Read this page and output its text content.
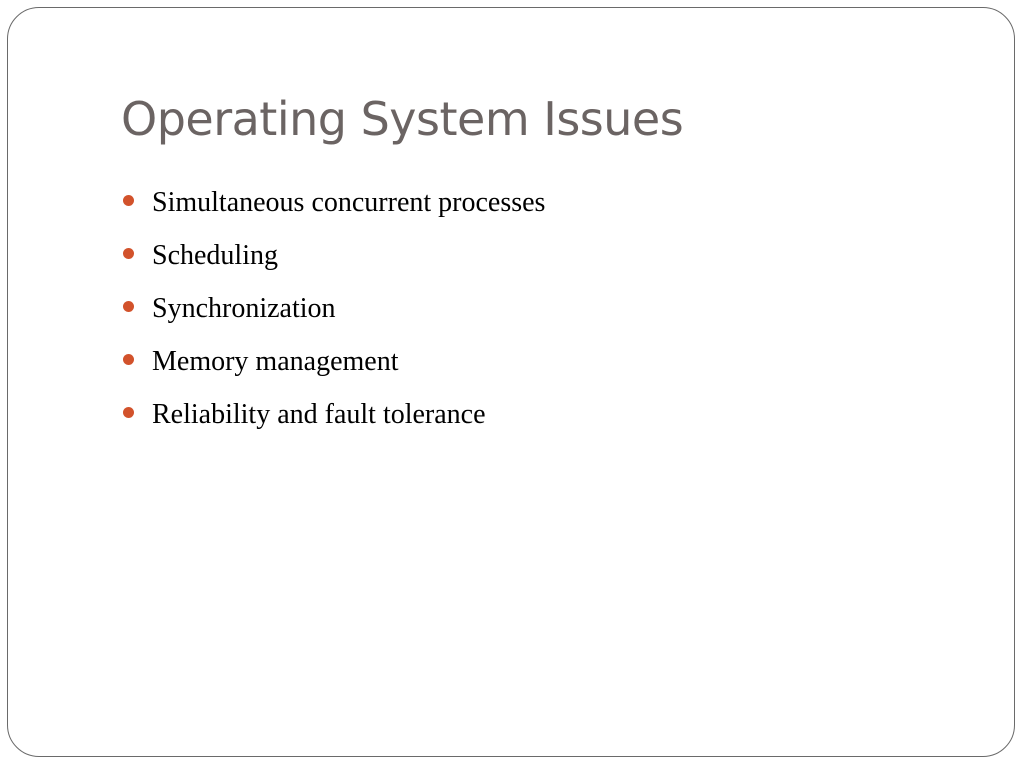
Operating System Issues
Simultaneous concurrent processes
Scheduling
Synchronization
Memory management
Reliability and fault tolerance
